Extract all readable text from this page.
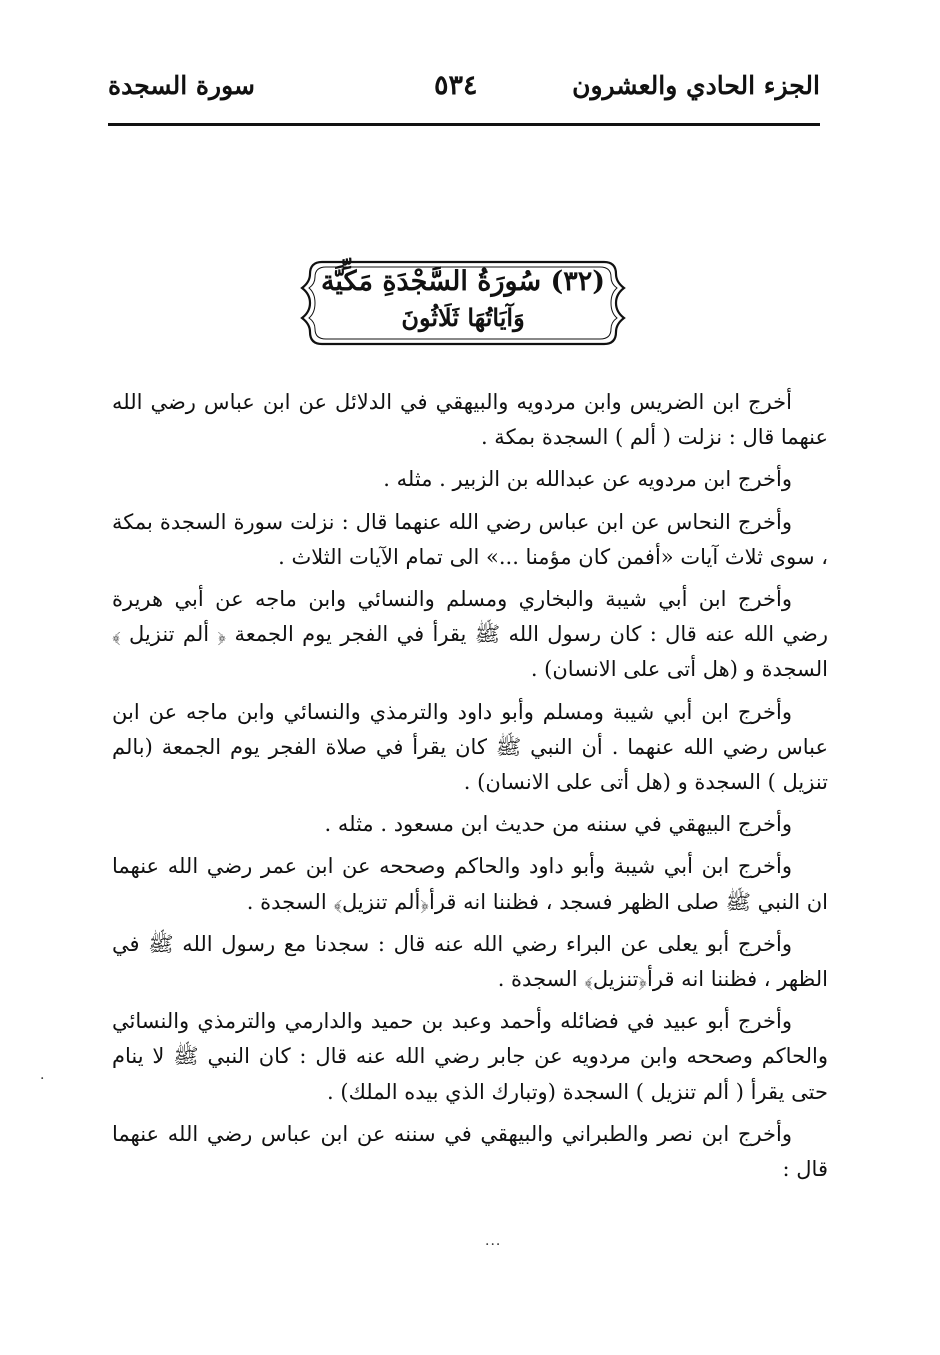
الجزء الحادي والعشرون
٥٣٤
سورة السجدة
(٣٢) سُورَةُ السَّجْدَةِ مَكِّيَّة
وَآيَاتُهَا ثَلَاثُونَ

أخرج ابن الضريس وابن مردويه والبيهقي في الدلائل عن ابن عباس رضي الله عنهما قال : نزلت ( ألم ) السجدة بمكة .

وأخرج ابن مردويه عن عبدالله بن الزبير . مثله .

وأخرج النحاس عن ابن عباس رضي الله عنهما قال : نزلت سورة السجدة بمكة ، سوى ثلاث آيات «أفمن كان مؤمنا ...» الى تمام الآيات الثلاث .

وأخرج ابن أبي شيبة والبخاري ومسلم والنسائي وابن ماجه عن أبي هريرة رضي الله عنه قال : كان رسول الله ﷺ يقرأ في الفجر يوم الجمعة ﴿ ألم تنزيل ﴾ السجدة و (هل أتى على الانسان) .

وأخرج ابن أبي شيبة ومسلم وأبو داود والترمذي والنسائي وابن ماجه عن ابن عباس رضي الله عنهما . أن النبي ﷺ كان يقرأ في صلاة الفجر يوم الجمعة (بالم تنزيل ) السجدة و (هل أتى على الانسان) .

وأخرج البيهقي في سننه من حديث ابن مسعود . مثله .

وأخرج ابن أبي شيبة وأبو داود والحاكم وصححه عن ابن عمر رضي الله عنهما ان النبي ﷺ صلى الظهر فسجد ، فظننا انه قرأ﴿ألم تنزيل﴾ السجدة .

وأخرج أبو يعلى عن البراء رضي الله عنه قال : سجدنا مع رسول الله ﷺ في الظهر ، فظننا انه قرأ﴿تنزيل﴾ السجدة .

وأخرج أبو عبيد في فضائله وأحمد وعبد بن حميد والدارمي والترمذي والنسائي والحاكم وصححه وابن مردويه عن جابر رضي الله عنه قال : كان النبي ﷺ لا ينام حتى يقرأ ( ألم تنزيل ) السجدة (وتبارك الذي بيده الملك) .

وأخرج ابن نصر والطبراني والبيهقي في سننه عن ابن عباس رضي الله عنهما قال :

·
···
